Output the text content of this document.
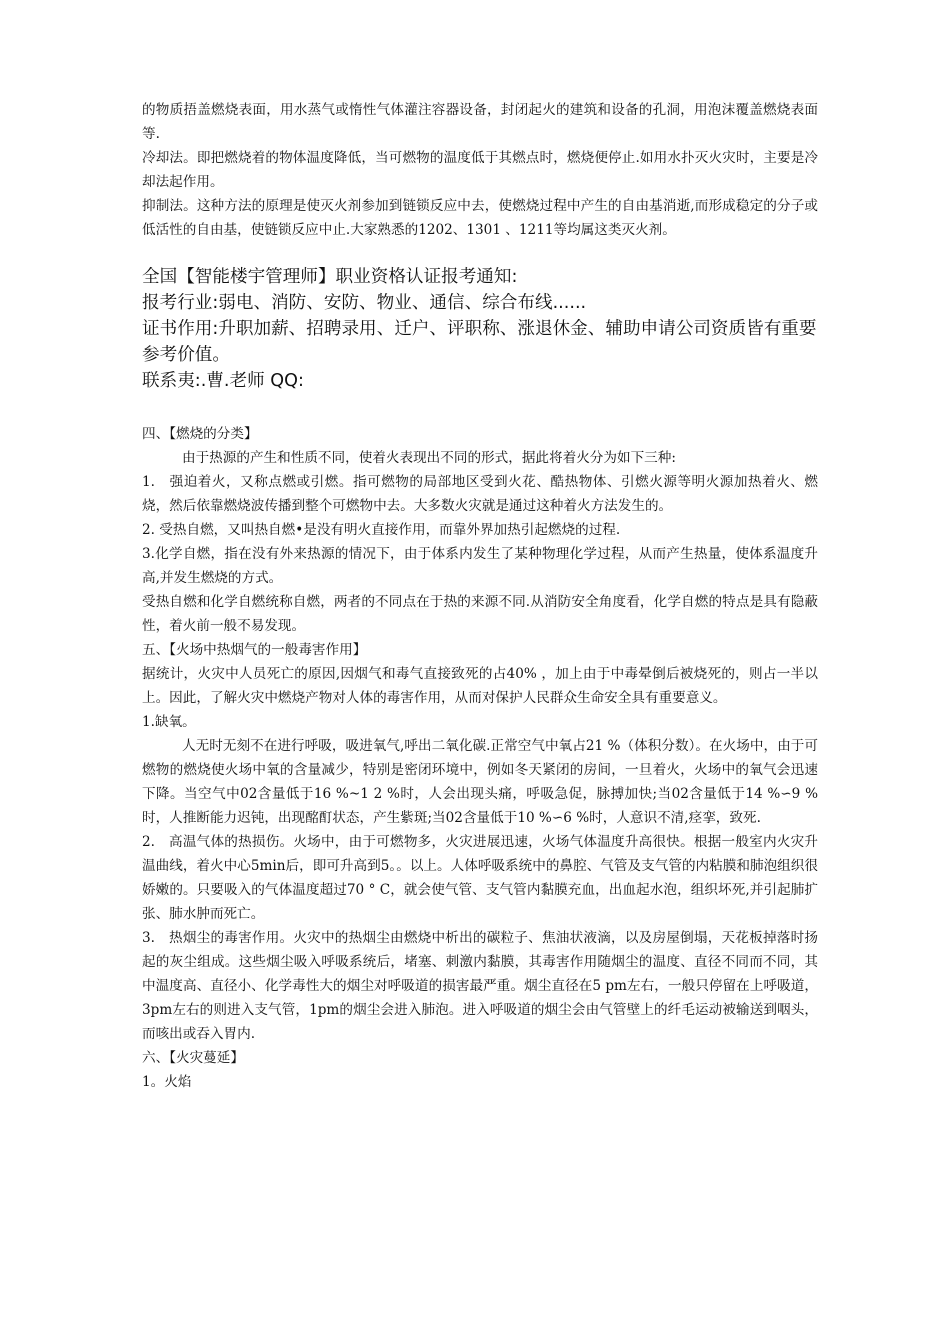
的物质捂盖燃烧表面，用水蒸气或惰性气体灌注容器设备，封闭起火的建筑和设备的孔洞，用泡沫覆盖燃烧表面等.

冷却法。即把燃烧着的物体温度降低，当可燃物的温度低于其燃点时，燃烧便停止.如用水扑灭火灾时，主要是冷却法起作用。

抑制法。这种方法的原理是使灭火剂参加到链锁反应中去，使燃烧过程中产生的自由基消逝,而形成稳定的分子或低活性的自由基，使链锁反应中止.大家熟悉的1202、1301 、1211等均属这类灭火剂。

全国【智能楼宇管理师】职业资格认证报考通知:

报考行业:弱电、消防、安防、物业、通信、综合布线......

证书作用:升职加薪、招聘录用、迁户、评职称、涨退休金、辅助申请公司资质皆有重要参考价值。

联系夷:.曹.老师 QQ:

四、【燃烧的分类】

由于热源的产生和性质不同，使着火表现出不同的形式，据此将着火分为如下三种:

1.　强迫着火，又称点燃或引燃。指可燃物的局部地区受到火花、酷热物体、引燃火源等明火源加热着火、燃烧，然后依靠燃烧波传播到整个可燃物中去。大多数火灾就是通过这种着火方法发生的。

2. 受热自燃，又叫热自燃•是没有明火直接作用，而靠外界加热引起燃烧的过程.

3.化学自燃，指在没有外来热源的情况下，由于体系内发生了某种物理化学过程，从而产生热量，使体系温度升高,并发生燃烧的方式。

受热自燃和化学自燃统称自燃，两者的不同点在于热的来源不同.从消防安全角度看，化学自燃的特点是具有隐蔽性，着火前一般不易发现。

五、【火场中热烟气的一般毒害作用】

据统计，火灾中人员死亡的原因,因烟气和毒气直接致死的占40% ，加上由于中毒晕倒后被烧死的，则占一半以上。因此，了解火灾中燃烧产物对人体的毒害作用，从而对保护人民群众生命安全具有重要意义。

1.缺氧。

人无时无刻不在进行呼吸，吸进氧气,呼出二氧化碳.正常空气中氧占21 %（体积分数）。在火场中，由于可燃物的燃烧使火场中氧的含量减少，特别是密闭环境中，例如冬天紧闭的房间，一旦着火，火场中的氧气会迅速下降。当空气中02含量低于16 %~1 2 %时，人会出现头痛，呼吸急促，脉搏加快;当02含量低于14 %∽9 %时，人推断能力迟钝，出现酩酊状态，产生紫斑;当02含量低于10 %∽6 %时，人意识不清,痉挛，致死.

2.　高温气体的热损伤。火场中，由于可燃物多，火灾进展迅速，火场气体温度升高很快。根据一般室内火灾升温曲线，着火中心5min后，即可升高到5。。以上。人体呼吸系统中的鼻腔、气管及支气管的内粘膜和肺泡组织很娇嫩的。只要吸入的气体温度超过70 ° C，就会使气管、支气管内黏膜充血，出血起水泡，组织坏死,并引起肺扩张、肺水肿而死亡。

3.　热烟尘的毒害作用。火灾中的热烟尘由燃烧中析出的碳粒子、焦油状液滴，以及房屋倒塌，天花板掉落时扬起的灰尘组成。这些烟尘吸入呼吸系统后，堵塞、刺激内黏膜，其毒害作用随烟尘的温度、直径不同而不同，其中温度高、直径小、化学毒性大的烟尘对呼吸道的损害最严重。烟尘直径在5 pm左右，一般只停留在上呼吸道，3pm左右的则进入支气管，1pm的烟尘会进入肺泡。进入呼吸道的烟尘会由气管壁上的纤毛运动被输送到咽头，而咳出或吞入胃内.

六、【火灾蔓延】

1。火焰
